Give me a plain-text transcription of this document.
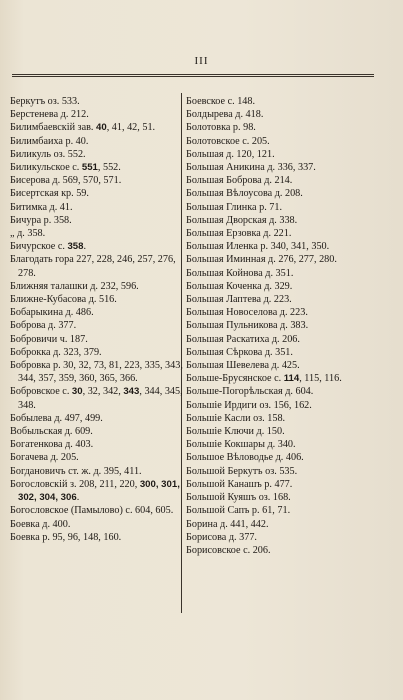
III

Беркутъ оз. 533.

Берстенева д. 212.

Билимбаевскій зав. 40, 41, 42, 51.

Билимбаиха р. 40.

Биликуль оз. 552.

Биликульское с. 551, 552.

Бисерова д. 569, 570, 571.

Бисертская кр. 59.

Битимка д. 41.

Бичура р. 358.

„ д. 358.

Бичурское с. 358.

Благодать гора 227, 228, 246, 257, 276, 278.

Ближняя талашки д. 232, 596.

Ближне-Кубасова д. 516.

Бобарыкина д. 486.

Боброва д. 377.

Бобровичи ч. 187.

Боброкка д. 323, 379.

Бобровка р. 30, 32, 73, 81, 223, 335, 343, 344, 357, 359, 360, 365, 366.

Бобровское с. 30, 32, 342, 343, 344, 345, 348.

Бобылева д. 497, 499.

Вобыльская д. 609.

Богатенкова д. 403.

Богачева д. 205.

Богдановичъ ст. ж. д. 395, 411.

Богословскій з. 208, 211, 220, 300, 301, 302, 304, 306.

Богословское (Памылово) с. 604, 605.

Боевка д. 400.

Боевка р. 95, 96, 148, 160.

Боевское с. 148.

Болдырева д. 418.

Болотовка р. 98.

Болотовское с. 205.

Большая д. 120, 121.

Большая Аникина д. 336, 337.

Большая Боброва д. 214.

Большая Вѣлоусова д. 208.

Большая Глинка р. 71.

Большая Дворская д. 338.

Большая Ерзовка д. 221.

Большая Иленка р. 340, 341, 350.

Большая Иминная д. 276, 277, 280.

Большая Койнова д. 351.

Большая Коченка д. 329.

Большая Лаптева д. 223.

Большая Новоселова д. 223.

Большая Пульникова д. 383.

Большая Раскатиха д. 206.

Большая Сѣркова д. 351.

Большая Шевелева д. 425.

Больше-Брусянское с. 114, 115, 116.

Больше-Погорѣльская д. 604.

Большіе Ирдиги оз. 156, 162.

Большіе Касли оз. 158.

Большіе Ключи д. 150.

Большіе Кокшары д. 340.

Большое Вѣловодье д. 406.

Большой Беркутъ оз. 535.

Большой Канашъ р. 477.

Большой Куяшъ оз. 168.

Большой Сапъ р. 61, 71.

Борина д. 441, 442.

Борисова д. 377.

Борисовское с. 206.
